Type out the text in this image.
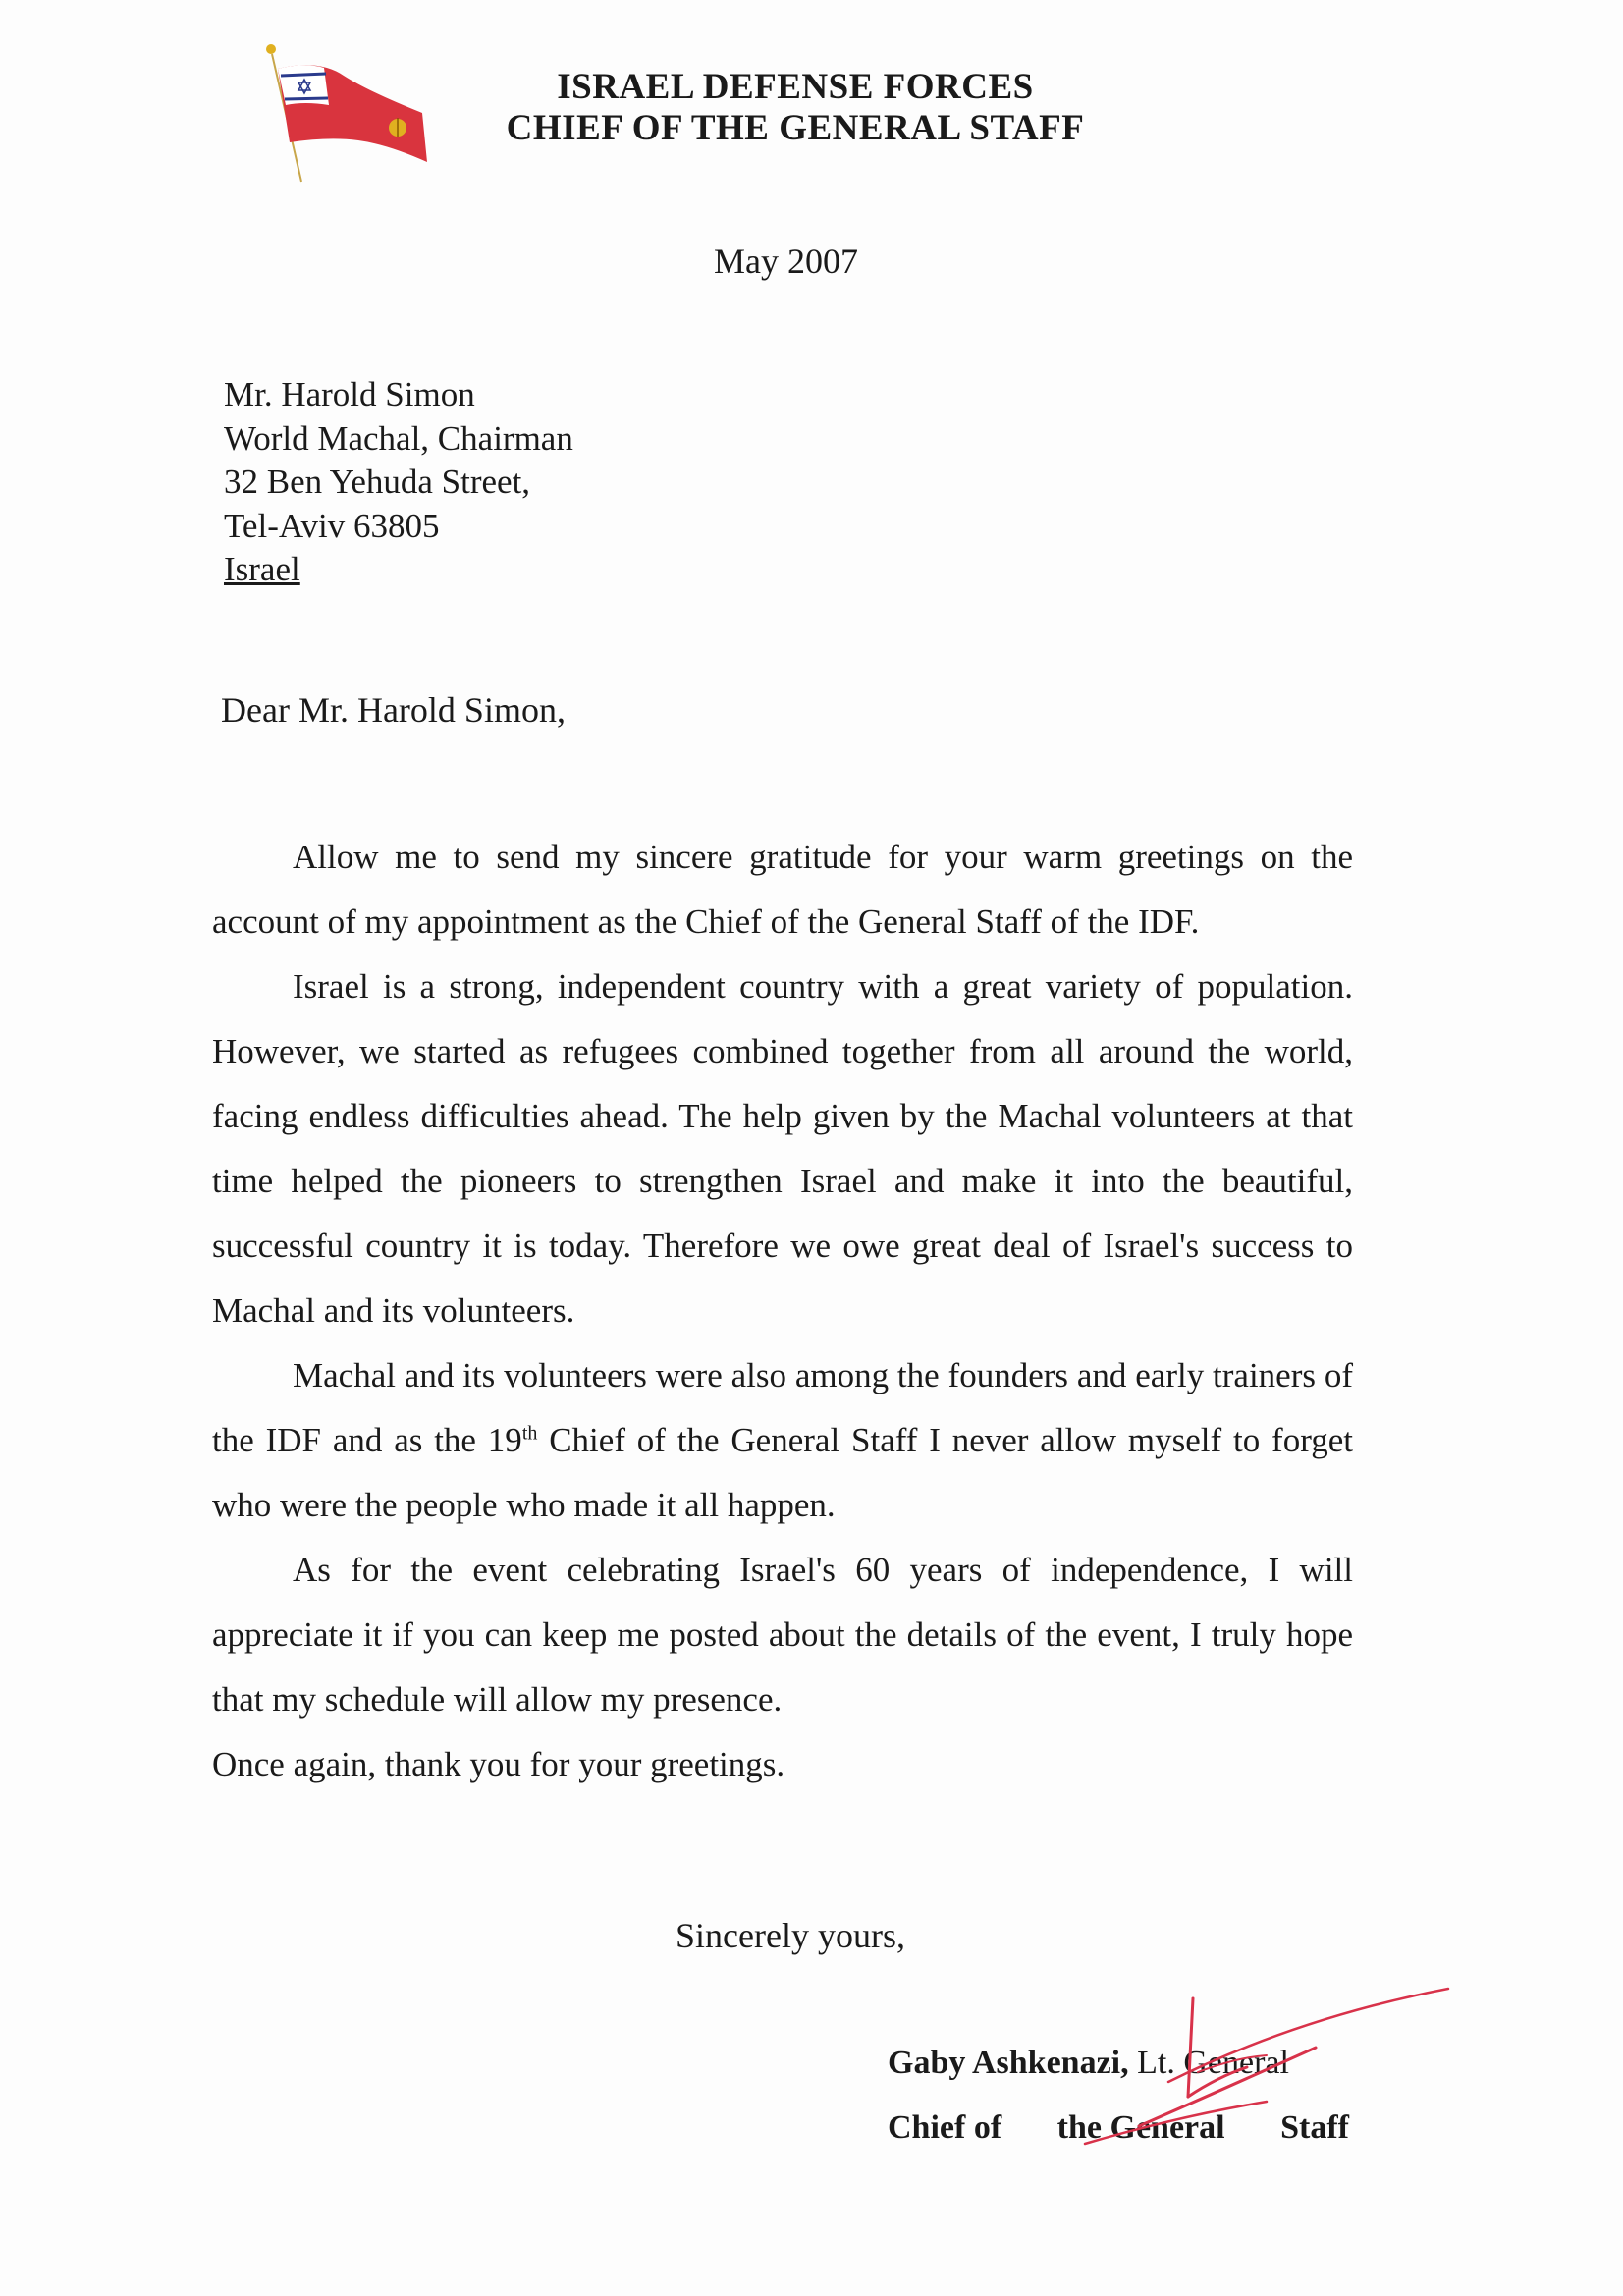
ISRAEL DEFENSE FORCES
CHIEF OF THE GENERAL STAFF
May 2007
Mr. Harold Simon
World Machal, Chairman
32 Ben Yehuda Street,
Tel-Aviv 63805
Israel
Dear Mr. Harold Simon,

Allow me to send my sincere gratitude for your warm greetings on the account of my appointment as the Chief of the General Staff of the IDF.

Israel is a strong, independent country with a great variety of population. However, we started as refugees combined together from all around the world, facing endless difficulties ahead. The help given by the Machal volunteers at that time helped the pioneers to strengthen Israel and make it into the beautiful, successful country it is today. Therefore we owe great deal of Israel's success to Machal and its volunteers.

Machal and its volunteers were also among the founders and early trainers of the IDF and as the 19th Chief of the General Staff I never allow myself to forget who were the people who made it all happen.

As for the event celebrating Israel's 60 years of independence, I will appreciate it if you can keep me posted about the details of the event, I truly hope that my schedule will allow my presence.

Once again, thank you for your greetings.

Sincerely yours,
Gaby Ashkenazi, Lt. General
Chief of the General Staff
